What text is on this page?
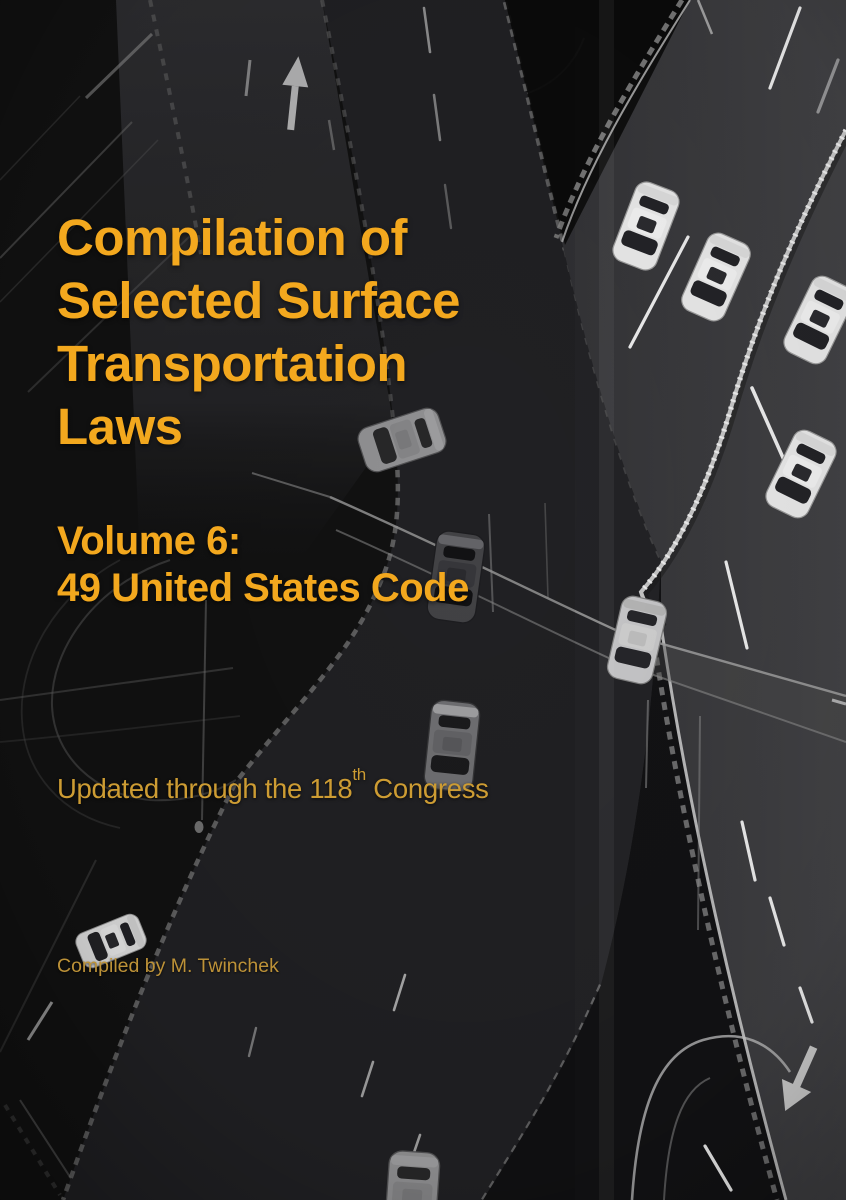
Compilation of
Selected Surface
Transportation
Laws
Volume 6:
49 United States Code
Updated through the 118th Congress
Compiled by M. Twinchek
